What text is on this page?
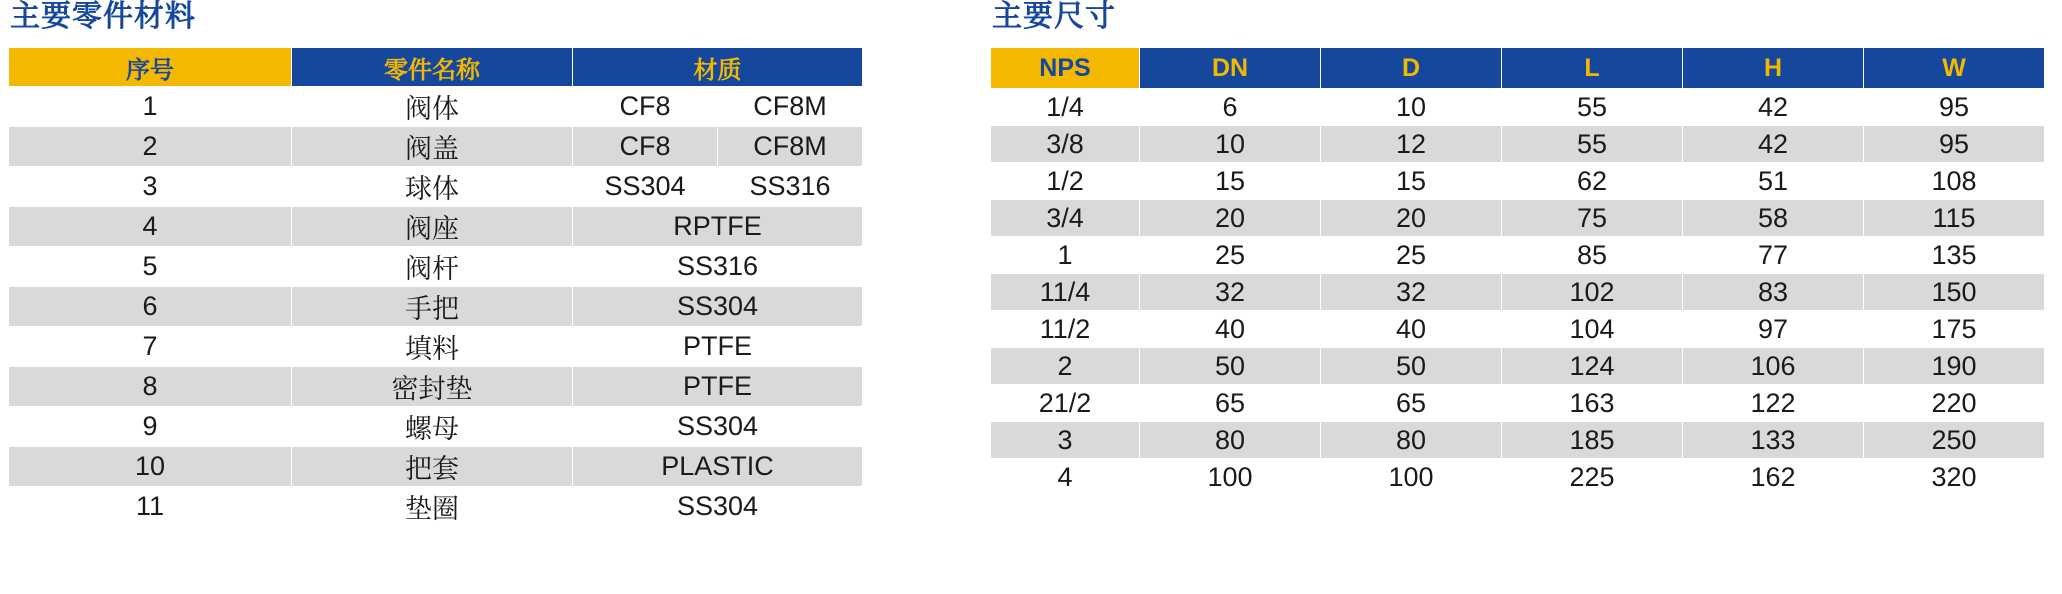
主要零件材料
序号	零件名称	材质	
1	阀体	CF8	CF8M
2	阀盖	CF8	CF8M
3	球体	SS304	SS316
4	阀座	RPTFE	
5	阀杆	SS316	
6	手把	SS304	
7	填料	PTFE	
8	密封垫	PTFE	
9	螺母	SS304	
10	把套	PLASTIC	
11	垫圈	SS304	
主要尺寸
NPS	DN	D	L	H	W
1/4	6	10	55	42	95
3/8	10	12	55	42	95
1/2	15	15	62	51	108
3/4	20	20	75	58	115
1	25	25	85	77	135
11/4	32	32	102	83	150
11/2	40	40	104	97	175
2	50	50	124	106	190
21/2	65	65	163	122	220
3	80	80	185	133	250
4	100	100	225	162	320
